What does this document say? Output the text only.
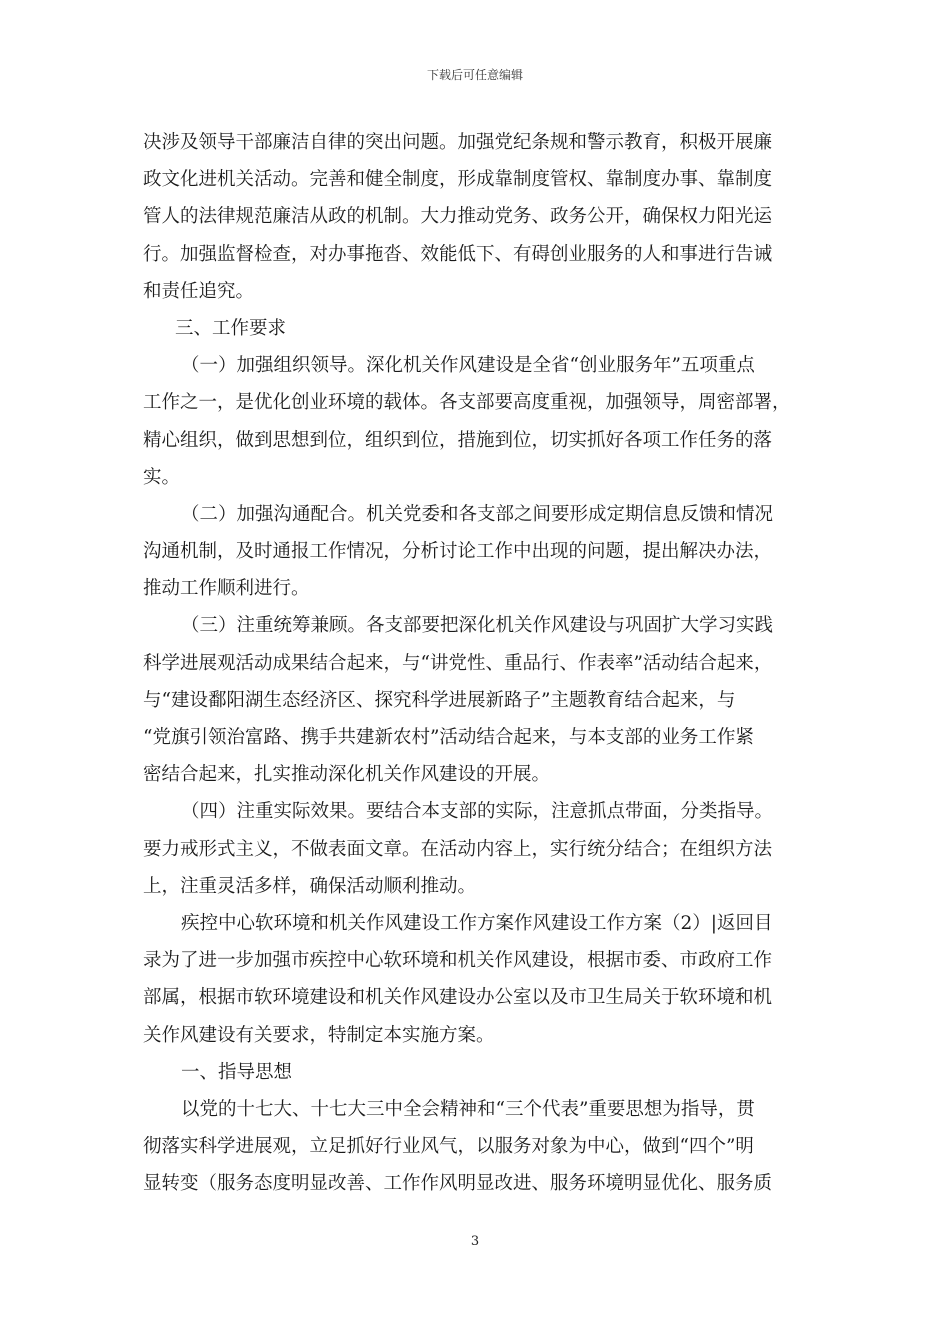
下载后可任意编辑
决涉及领导干部廉洁自律的突出问题。加强党纪条规和警示教育，积极开展廉
政文化进机关活动。完善和健全制度，形成靠制度管权、靠制度办事、靠制度
管人的法律规范廉洁从政的机制。大力推动党务、政务公开，确保权力阳光运
行。加强监督检查，对办事拖沓、效能低下、有碍创业服务的人和事进行告诫
和责任追究。
三、工作要求
（一）加强组织领导。深化机关作风建设是全省“创业服务年”五项重点
工作之一，是优化创业环境的载体。各支部要高度重视，加强领导，周密部署，
精心组织，做到思想到位，组织到位，措施到位，切实抓好各项工作任务的落
实。
（二）加强沟通配合。机关党委和各支部之间要形成定期信息反馈和情况
沟通机制，及时通报工作情况，分析讨论工作中出现的问题，提出解决办法，
推动工作顺利进行。
（三）注重统筹兼顾。各支部要把深化机关作风建设与巩固扩大学习实践
科学进展观活动成果结合起来，与“讲党性、重品行、作表率”活动结合起来，
与“建设鄱阳湖生态经济区、探究科学进展新路子”主题教育结合起来，与
“党旗引领治富路、携手共建新农村”活动结合起来，与本支部的业务工作紧
密结合起来，扎实推动深化机关作风建设的开展。
（四）注重实际效果。要结合本支部的实际，注意抓点带面，分类指导。
要力戒形式主义，不做表面文章。在活动内容上，实行统分结合；在组织方法
上，注重灵活多样，确保活动顺利推动。
疾控中心软环境和机关作风建设工作方案作风建设工作方案（2）|返回目
录为了进一步加强市疾控中心软环境和机关作风建设，根据市委、市政府工作
部属，根据市软环境建设和机关作风建设办公室以及市卫生局关于软环境和机
关作风建设有关要求，特制定本实施方案。
一、指导思想
以党的十七大、十七大三中全会精神和“三个代表”重要思想为指导，贯
彻落实科学进展观，立足抓好行业风气，以服务对象为中心，做到“四个”明
显转变（服务态度明显改善、工作作风明显改进、服务环境明显优化、服务质
3
